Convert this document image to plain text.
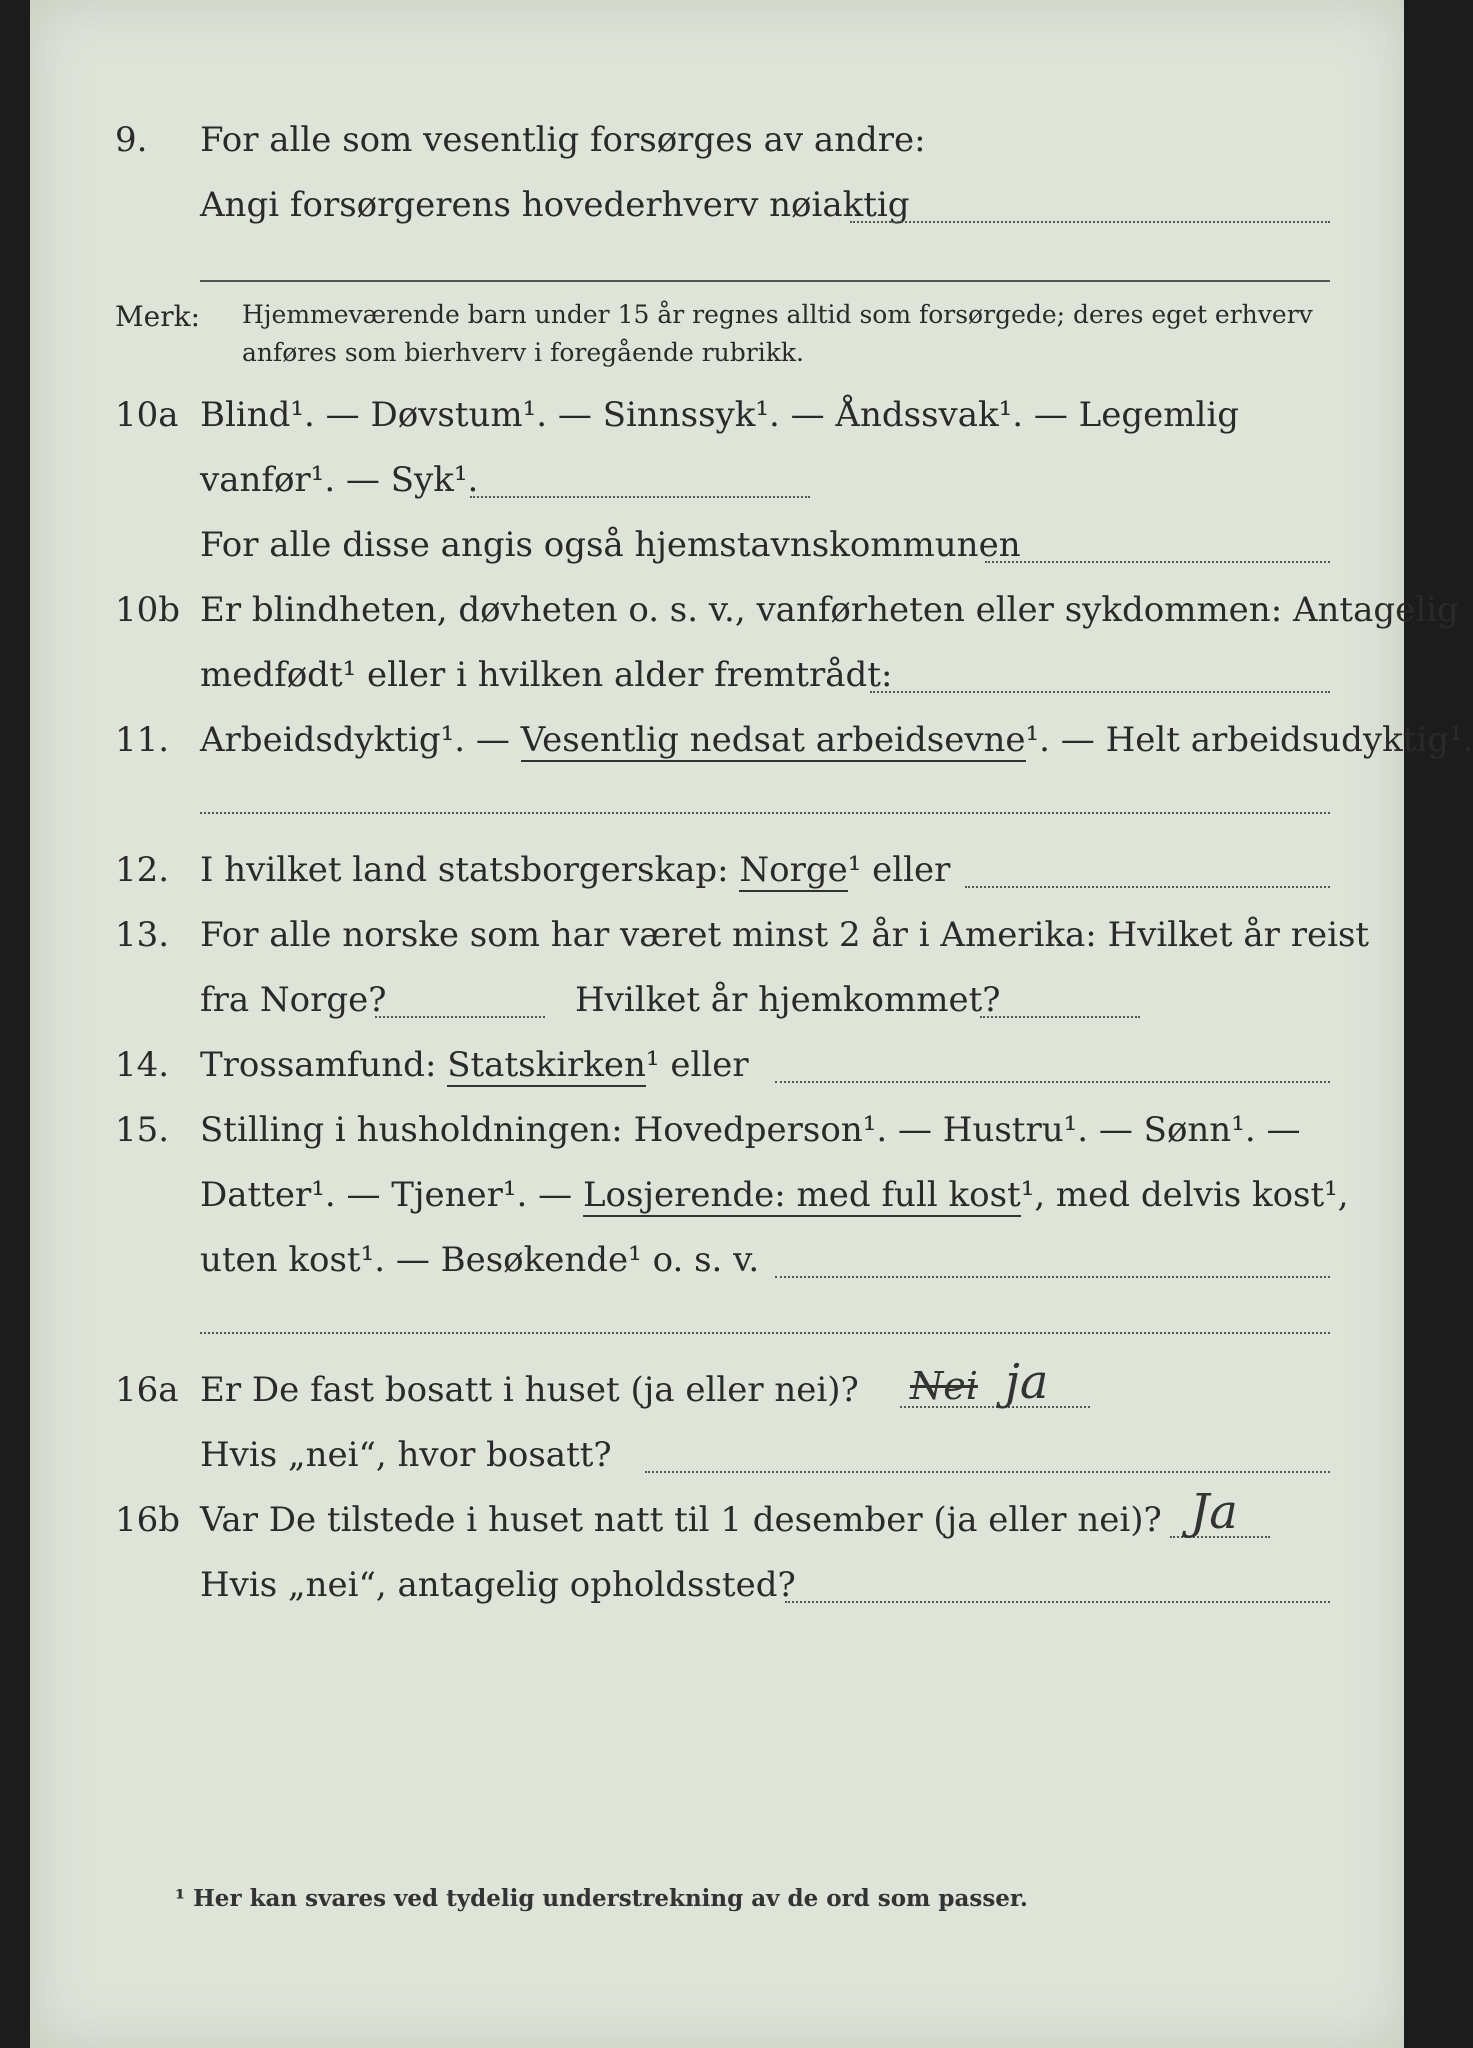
9. For alle som vesentlig forsørges av andre:
Angi forsørgerens hovederhverv nøiaktig
Merk: Hjemmeværende barn under 15 år regnes alltid som forsørgede; deres eget erhverv
anføres som bierhverv i foregående rubrikk.
10a Blind¹. — Døvstum¹. — Sinnssyk¹. — Åndssvak¹. — Legemlig
vanfør¹. — Syk¹.
For alle disse angis også hjemstavnskommunen
10b Er blindheten, døvheten o. s. v., vanførheten eller sykdommen: Antagelig
medfødt¹ eller i hvilken alder fremtrådt:
11. Arbeidsdyktig¹. — Vesentlig nedsat arbeidsevne¹. — Helt arbeidsudyktig¹.
12. I hvilket land statsborgerskap: Norge¹ eller
13. For alle norske som har været minst 2 år i Amerika: Hvilket år reist
fra Norge?	Hvilket år hjemkommet?
14. Trossamfund: Statskirken¹ eller
15. Stilling i husholdningen: Hovedperson¹. — Hustru¹. — Sønn¹. —
Datter¹. — Tjener¹. — Losjerende: med full kost¹, med delvis kost¹,
uten kost¹. — Besøkende¹ o. s. v.
16a Er De fast bosatt i huset (ja eller nei)? Nei ja
Hvis „nei“, hvor bosatt?
16b Var De tilstede i huset natt til 1 desember (ja eller nei)? Ja
Hvis „nei“, antagelig opholdssted?
¹ Her kan svares ved tydelig understrekning av de ord som passer.
